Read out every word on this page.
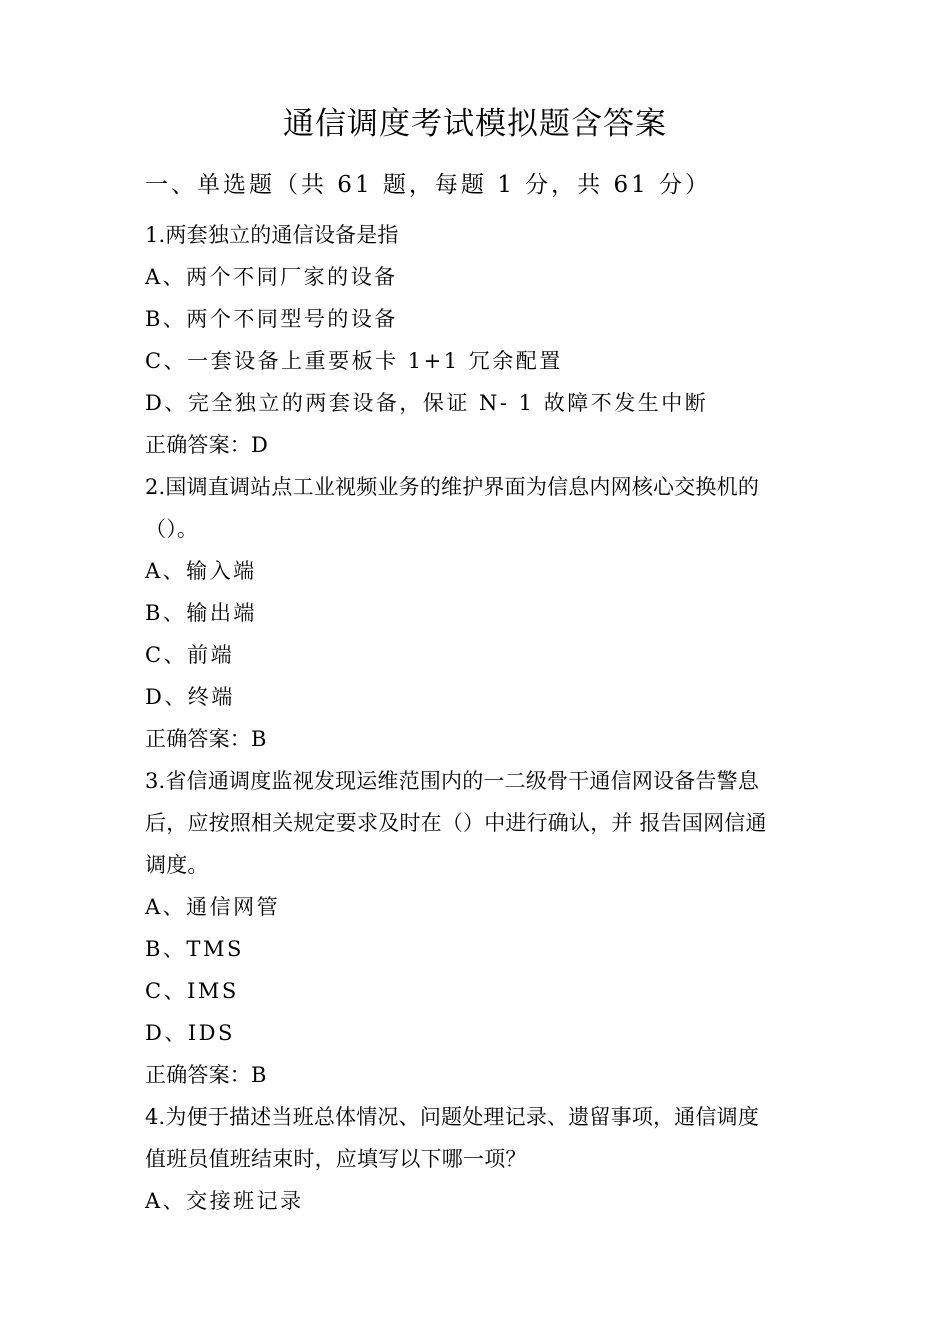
通信调度考试模拟题含答案
一、单选题（共 61 题，每题 1 分，共 61 分）
1.两套独立的通信设备是指
A、两个不同厂家的设备
B、两个不同型号的设备
C、一套设备上重要板卡 1+1 冗余配置
D、完全独立的两套设备，保证 N- 1 故障不发生中断
正确答案：D
2.国调直调站点工业视频业务的维护界面为信息内网核心交换机的
（）。
A、输入端
B、输出端
C、前端
D、终端
正确答案：B
3.省信通调度监视发现运维范围内的一二级骨干通信网设备告警息
后，应按照相关规定要求及时在（）中进行确认，并 报告国网信通
调度。
A、通信网管
B、TMS
C、IMS
D、IDS
正确答案：B
4.为便于描述当班总体情况、问题处理记录、遗留事项，通信调度
值班员值班结束时，应填写以下哪一项？
A、交接班记录
